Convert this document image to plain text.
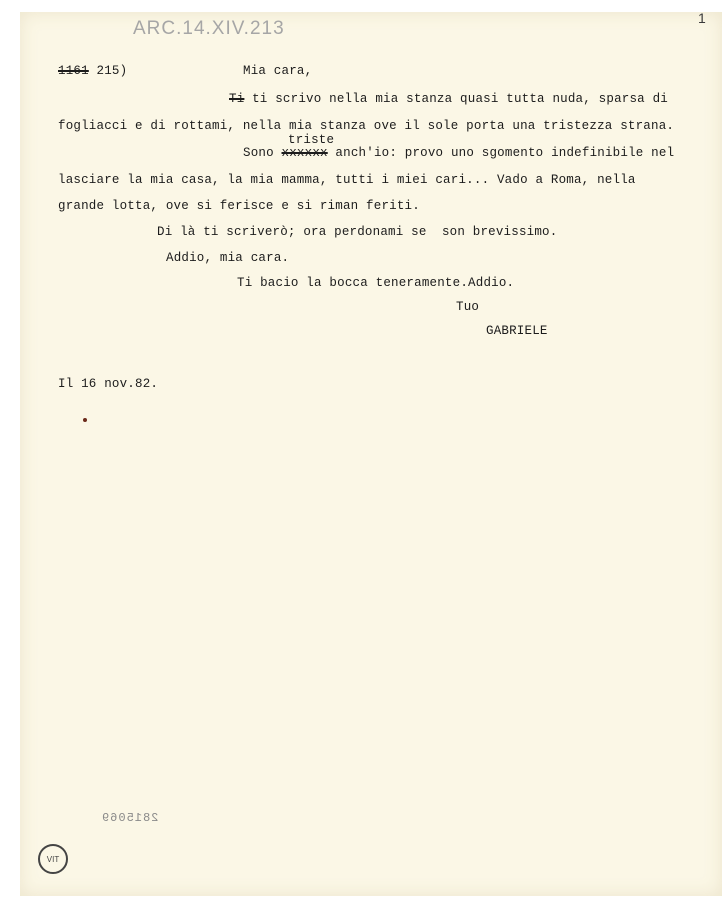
ARC.14.XIV.213	1
1161 215)	Mia cara,
Ti ti scrivo nella mia stanza quasi tutta nuda, sparsa di
fogliacci e di rottami, nella mia stanza ove il sole porta una tristezza strana.
triste
Sono xxxxxx anch'io: provo uno sgomento indefinibile nel
lasciare la mia casa, la mia mamma, tutti i miei cari... Vado a Roma, nella
grande lotta, ove si ferisce e si riman feriti.
Di là ti scriverò; ora perdonami se  son brevissimo.
Addio, mia cara.
Ti bacio la bocca teneramente.Addio.
Tuo
GABRIELE
Il 16 nov.82.
2815069
VIT
